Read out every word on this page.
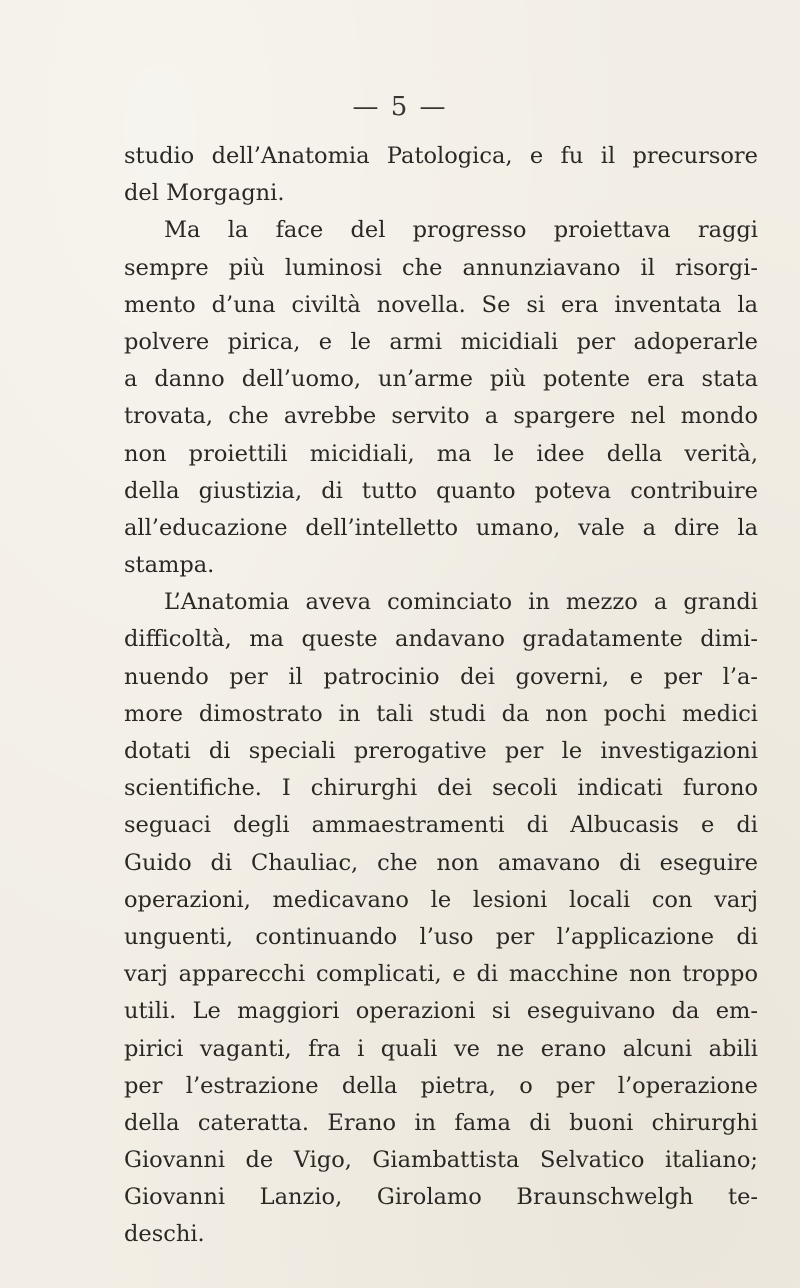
— 5 —
studio dell’Anatomia Patologica, e fu il precursore
del Morgagni.
Ma la face del progresso proiettava raggi
sempre più luminosi che annunziavano il risorgi-
mento d’una civiltà novella. Se si era inventata la
polvere pirica, e le armi micidiali per adoperarle
a danno dell’uomo, un’arme più potente era stata
trovata, che avrebbe servito a spargere nel mondo
non proiettili micidiali, ma le idee della verità,
della giustizia, di tutto quanto poteva contribuire
all’educazione dell’intelletto umano, vale a dire la
stampa.
L’Anatomia aveva cominciato in mezzo a grandi
difficoltà, ma queste andavano gradatamente dimi-
nuendo per il patrocinio dei governi, e per l’a-
more dimostrato in tali studi da non pochi medici
dotati di speciali prerogative per le investigazioni
scientifiche. I chirurghi dei secoli indicati furono
seguaci degli ammaestramenti di Albucasis e di
Guido di Chauliac, che non amavano di eseguire
operazioni, medicavano le lesioni locali con varj
unguenti, continuando l’uso per l’applicazione di
varj apparecchi complicati, e di macchine non troppo
utili. Le maggiori operazioni si eseguivano da em-
pirici vaganti, fra i quali ve ne erano alcuni abili
per l’estrazione della pietra, o per l’operazione
della cateratta. Erano in fama di buoni chirurghi
Giovanni de Vigo, Giambattista Selvatico italiano;
Giovanni Lanzio, Girolamo Braunschwelgh te-
deschi.
